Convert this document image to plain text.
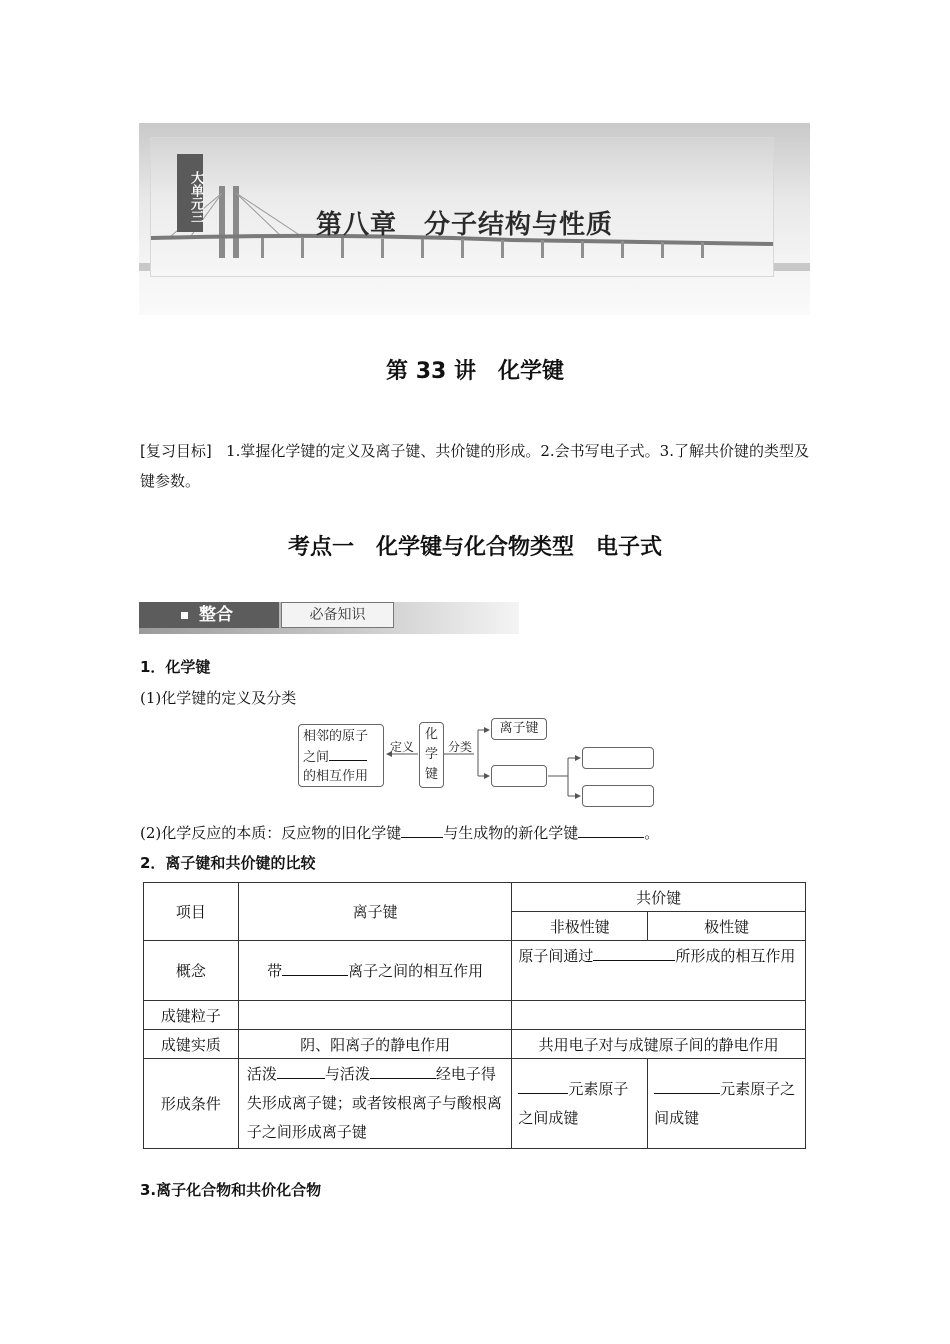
大单元三
第八章　分子结构与性质
第 33 讲　化学键
[复习目标] 1.掌握化学键的定义及离子键、共价键的形成。2.会书写电子式。3.了解共价键的类型及键参数。
考点一　化学键与化合物类型　电子式
整合	必备知识
1．化学键
(1)化学键的定义及分类
相邻的原子
之间
的相互作用
定义
化
学
键
分类
离子键
(2)化学反应的本质：反应物的旧化学键	与生成物的新化学键	。
2．离子键和共价键的比较
项目	离子键	共价键	
		非极性键	极性键
概念	带 离子之间的相互作用	原子间通过 所形成的相互作用	
成键粒子			
成键实质	阴、阳离子的静电作用	共用电子对与成键原子间的静电作用	
形成条件	活泼 与活泼 经电子得失形成离子键；或者铵根离子与酸根离子之间形成离子键	元素原子之间成键	元素原子之间成键
3.离子化合物和共价化合物
